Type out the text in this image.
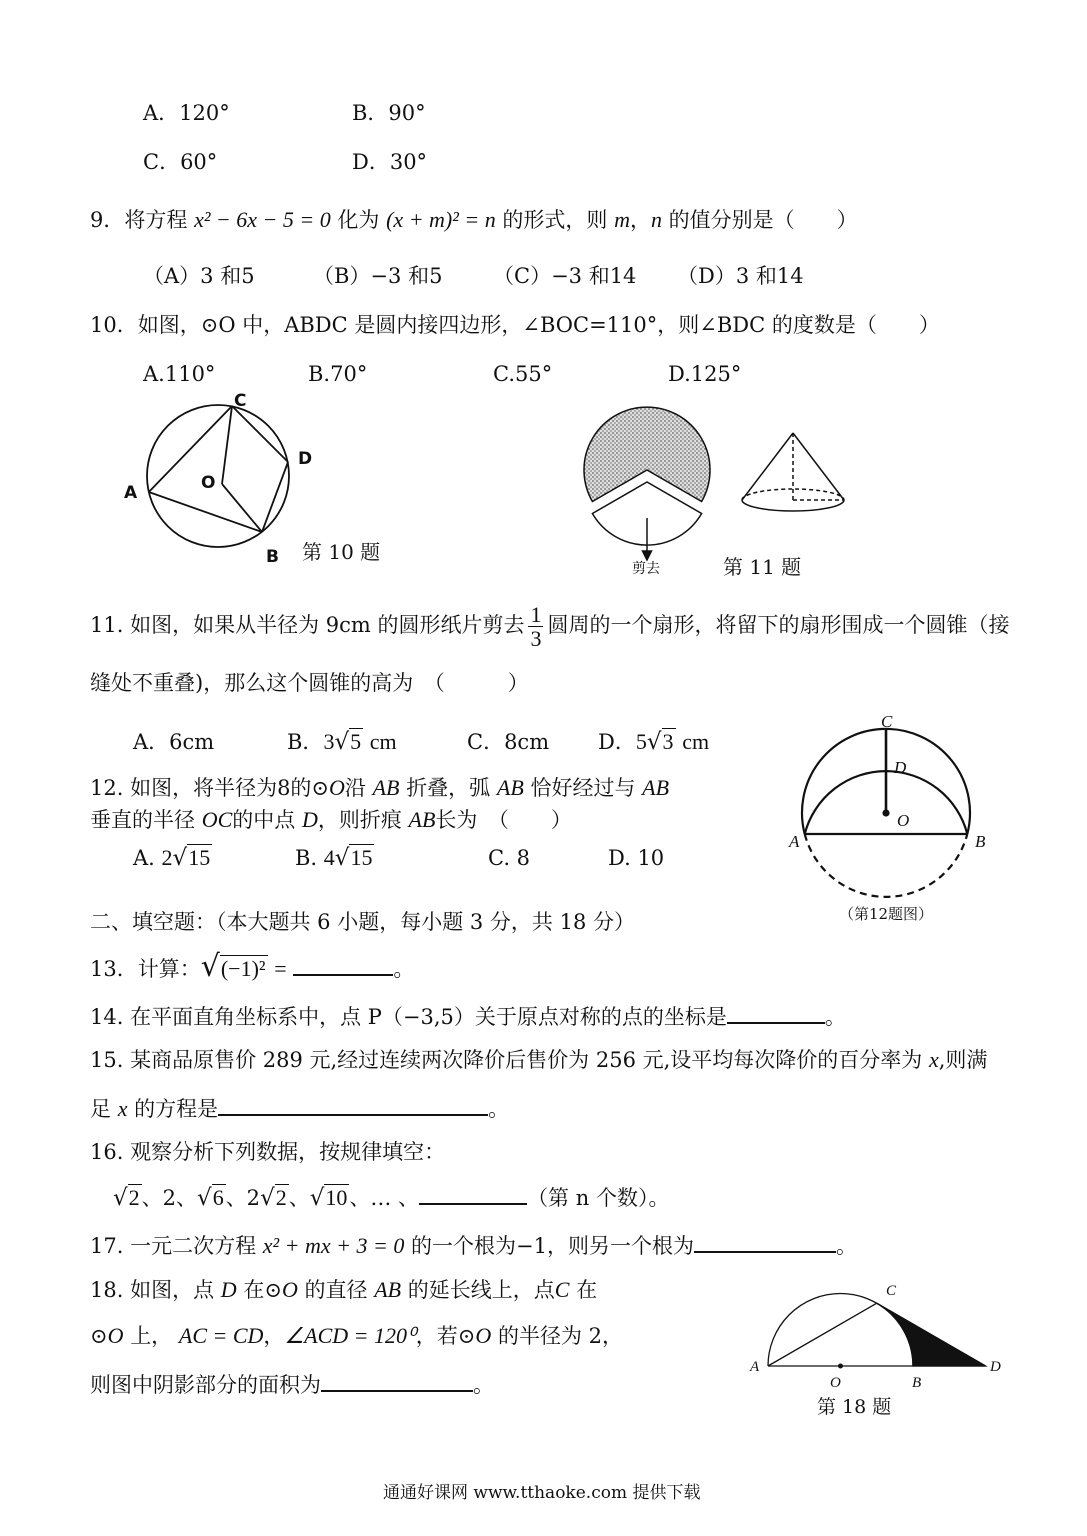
A．120°	B．90°
C．60°	D．30°
9．将方程 x² − 6x − 5 = 0 化为 (x + m)² = n 的形式，则 m，n 的值分别是（　　）
（A）3 和5	（B）−3 和5 （C）−3 和14 （D）3 和14
10．如图，⊙O 中，ABDC 是圆内接四边形，∠BOC=110°，则∠BDC 的度数是（　　）
A.110°	B.70°	C.55°	D.125°
11. 如图，如果从半径为 9cm 的圆形纸片剪去 $\frac{1}{3}$ 圆周的一个扇形，将留下的扇形围成一个圆锥（接
缝处不重叠)，那么这个圆锥的高为　（　　　）
A．6cm	B．3√5 cm	C．8cm D．5√3 cm
12. 如图，将半径为8的⊙O沿 AB 折叠，弧 AB 恰好经过与 AB
垂直的半径 OC的中点 D，则折痕 AB长为　（　　）
A. 2√15	B. 4√15	C. 8	D. 10
二、填空题：（本大题共 6 小题，每小题 3 分，共 18 分）
13．计算：√(−1)² =	。
14. 在平面直角坐标系中，点 P（−3,5）关于原点对称的点的坐标是	。
15. 某商品原售价 289 元,经过连续两次降价后售价为 256 元,设平均每次降价的百分率为 x,则满
足 x 的方程是	。
16. 观察分析下列数据，按规律填空：
√2、2、√6、2√2、√10、… 、	（第 n 个数）。
17. 一元二次方程 x² + mx + 3 = 0 的一个根为−1，则另一个根为	。
18. 如图，点 D 在⊙O 的直径 AB 的延长线上，点C 在
⊙O 上， AC = CD，∠ACD = 120⁰，若⊙O 的半径为 2，
则图中阴影部分的面积为	。
通通好课网 www.tthaoke.com 提供下载
C
D
A	O
B 第 10 题
剪去	第 11 题
C
D
O
A	B
（第12题图）
C
A
O	B
D
第 18 题
